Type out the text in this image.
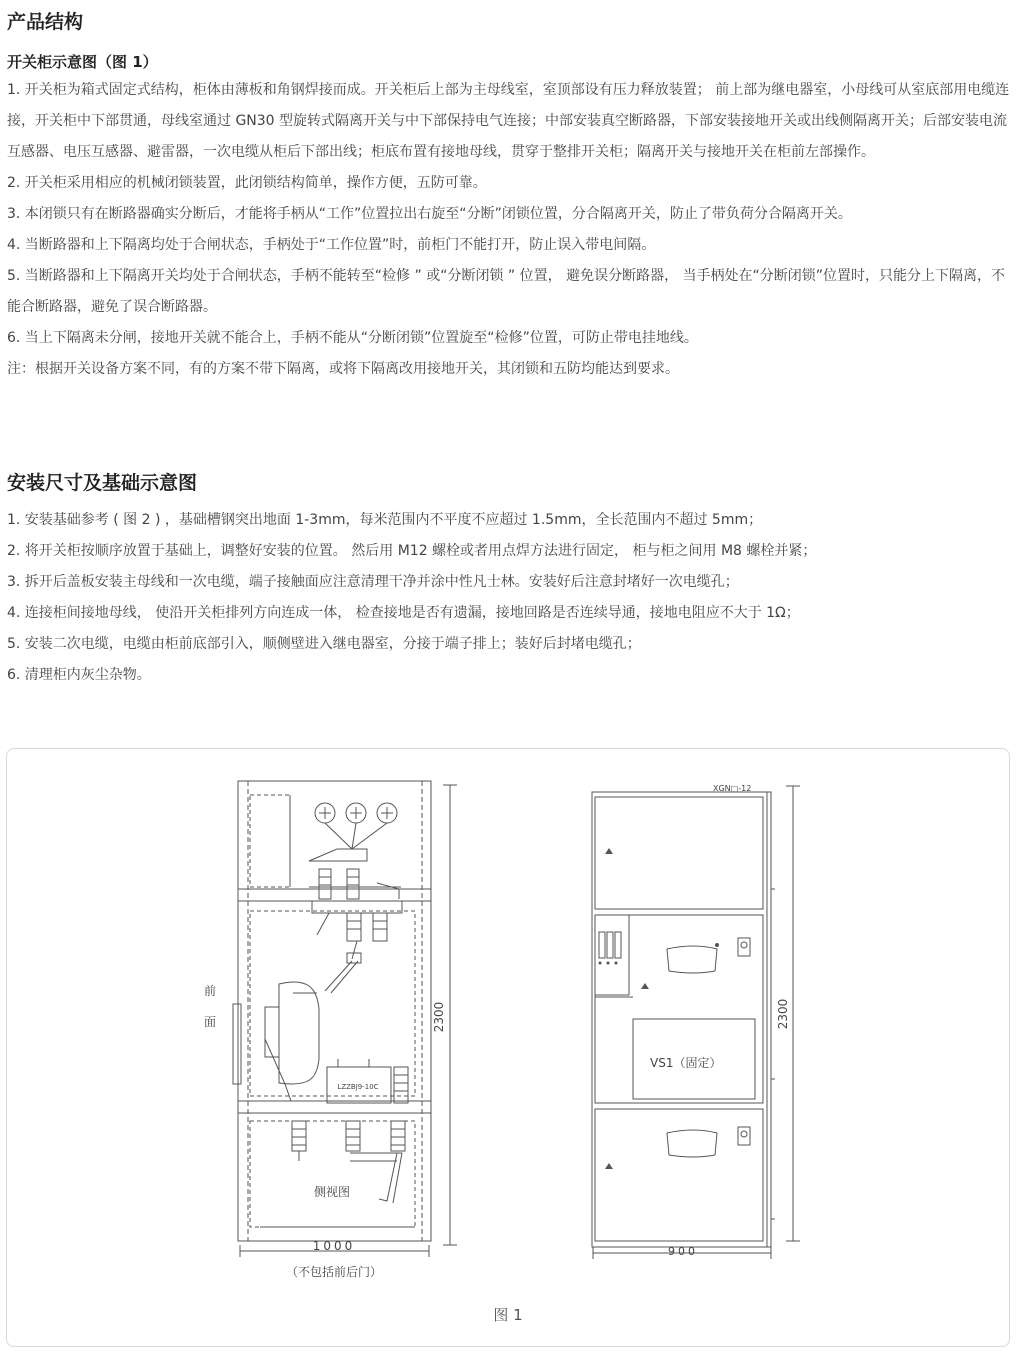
产品结构
开关柜示意图（图 1）

1. 开关柜为箱式固定式结构，柜体由薄板和角钢焊接而成。开关柜后上部为主母线室，室顶部设有压力释放装置； 前上部为继电器室，小母线可从室底部用电缆连接，开关柜中下部贯通，母线室通过 GN30 型旋转式隔离开关与中下部保持电气连接；中部安装真空断路器，下部安装接地开关或出线侧隔离开关；后部安装电流互感器、电压互感器、避雷器，一次电缆从柜后下部出线；柜底布置有接地母线，贯穿于整排开关柜；隔离开关与接地开关在柜前左部操作。

2. 开关柜采用相应的机械闭锁装置，此闭锁结构简单，操作方便，五防可靠。

3. 本闭锁只有在断路器确实分断后，才能将手柄从“工作”位置拉出右旋至“分断”闭锁位置，分合隔离开关，防止了带负荷分合隔离开关。

4. 当断路器和上下隔离均处于合闸状态，手柄处于“工作位置”时，前柜门不能打开，防止误入带电间隔。

5. 当断路器和上下隔离开关均处于合闸状态，手柄不能转至“检修 ” 或“分断闭锁 ” 位置， 避免误分断路器， 当手柄处在“分断闭锁”位置时，只能分上下隔离，不能合断路器，避免了误合断路器。

6. 当上下隔离未分闸，接地开关就不能合上，手柄不能从“分断闭锁”位置旋至“检修”位置，可防止带电挂地线。

注：根据开关设备方案不同，有的方案不带下隔离，或将下隔离改用接地开关，其闭锁和五防均能达到要求。

安装尺寸及基础示意图

1. 安装基础参考 ( 图 2 ) ，基础槽钢突出地面 1-3mm，每米范围内不平度不应超过 1.5mm，全长范围内不超过 5mm；

2. 将开关柜按顺序放置于基础上，调整好安装的位置。 然后用 M12 螺栓或者用点焊方法进行固定， 柜与柜之间用 M8 螺栓并紧；

3. 拆开后盖板安装主母线和一次电缆，端子接触面应注意清理干净并涂中性凡士林。安装好后注意封堵好一次电缆孔；

4. 连接柜间接地母线， 使沿开关柜排列方向连成一体， 检查接地是否有遗漏，接地回路是否连续导通，接地电阻应不大于 1Ω；

5. 安装二次电缆，电缆由柜前底部引入，顺侧壁进入继电器室，分接于端子排上；装好后封堵电缆孔；

6. 清理柜内灰尘杂物。

前
面	2300
1000
（不包括前后门）
侧视图
LZZBJ9-10C
XGN□-12
2300
900
VS1（固定）
图 1
